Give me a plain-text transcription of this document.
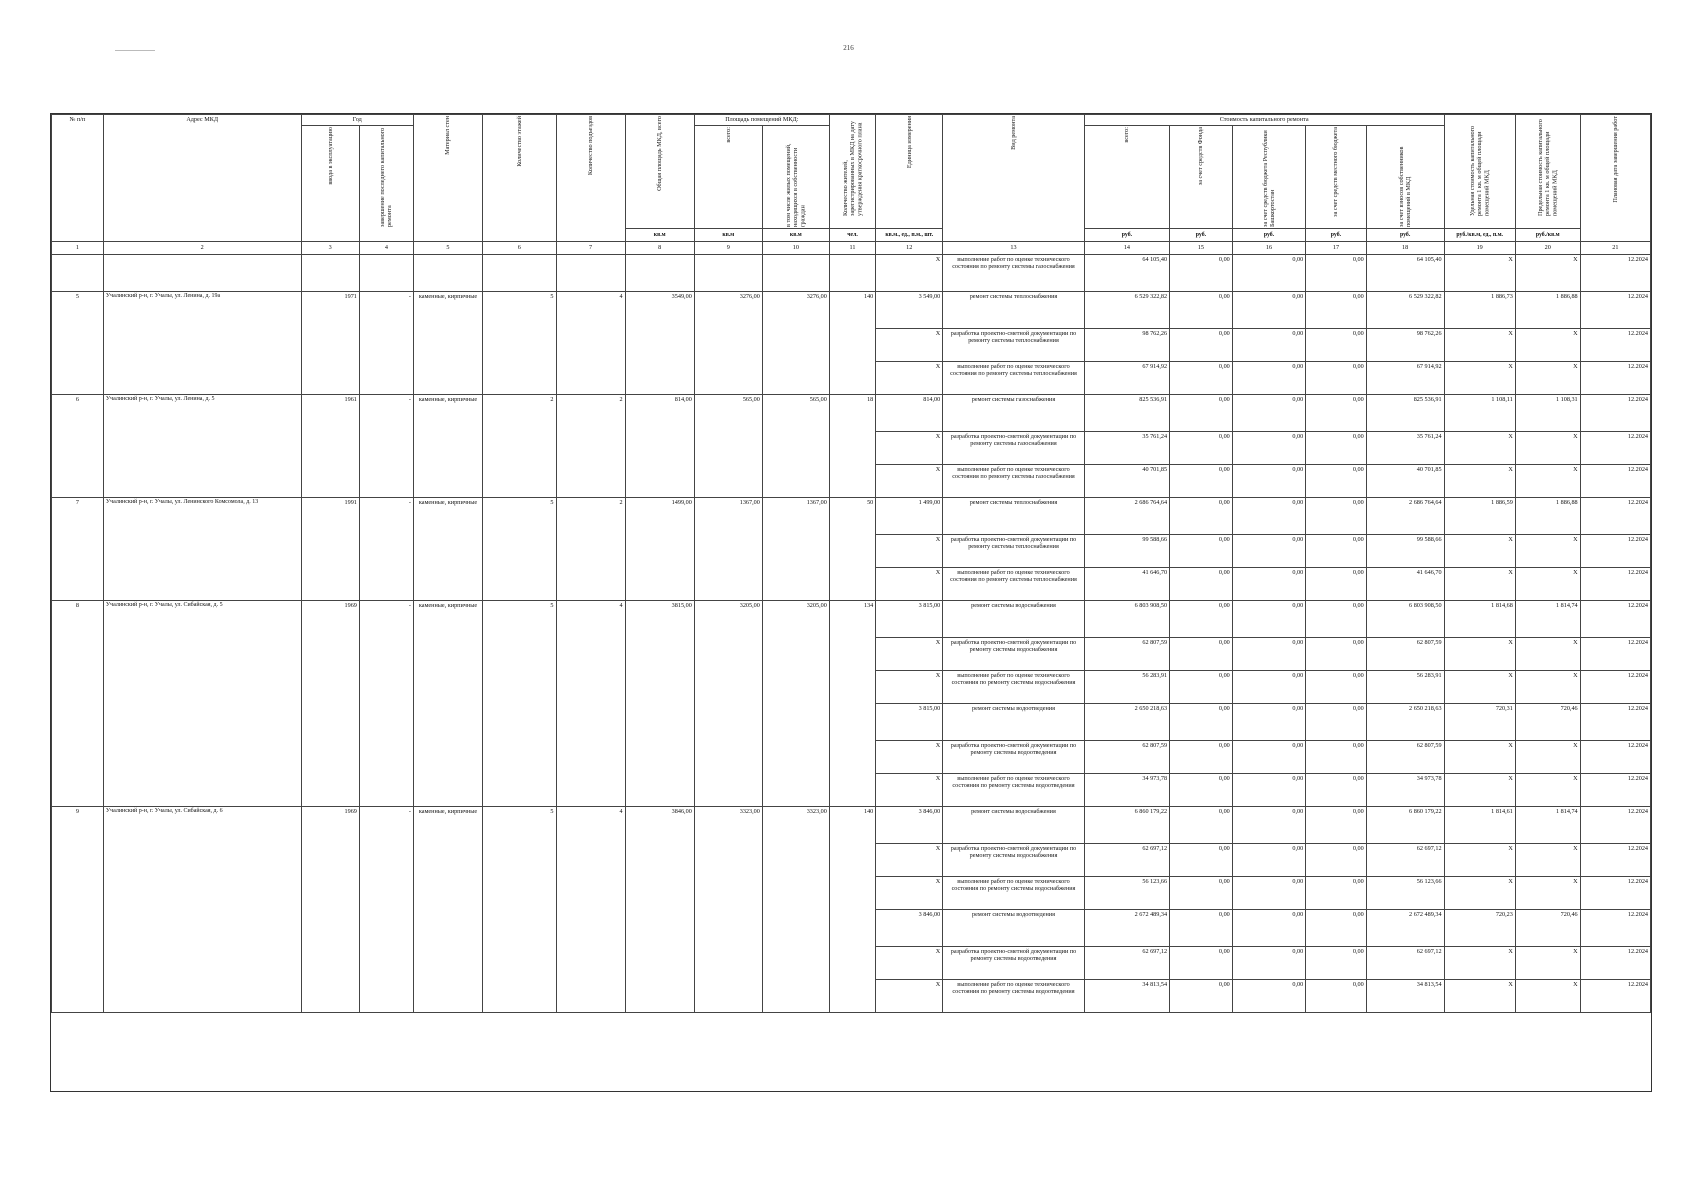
216
№ п/п	Адрес МКД	Год		Материал стен	Количество этажей	Количество подъездов	Общая площадь МКД, всего	Площадь помещений МКД:		Количество жителей, зарегистрированных в МКД на дату утверждения краткосрочного плана	Единица измерения	Вид ремонта	Стоимость капитального ремонта					Удельная стоимость капитального ремонта 1 кв. м общей площади помещений МКД	Предельная стоимость капитального ремонта 1 кв. м общей площади помещений МКД	Плановая дата завершения работ

		ввода в эксплуатацию	завершение последнего капитального ремонта					всего:	в том числе жилых помещений, находящихся в собственности граждан				всего:	за счет средств Фонда	за счет средств бюджета Республики Башкортостан	за счет средств местного бюджета	за счет взносов собственников помещений в МКД			

							кв.м	кв.м	кв.м	чел.	кв.м., ед., п.м., шт.		руб.	руб.	руб.	руб.	руб.	руб./кв.м, ед., п.м.	руб./кв.м	
1	2	3	4	5	6	7	8	9	10	11	12	13	14	15	16	17	18	19	20	21
											X	выполнение работ по оценке технического состояния по ремонту системы газоснабжения	64 105,40	0,00	0,00	0,00	64 105,40	X	X	12.2024
5	Учалинский р-н, г. Учалы, ул. Ленина, д. 19а	1971	-	каменные, кирпичные	5	4	3549,00	3276,00	3276,00	140	3 549,00	ремонт системы теплоснабжения	6 529 322,82	0,00	0,00	0,00	6 529 322,82	1 886,73	1 886,88	12.2024
											X	разработка проектно-сметной документации по ремонту системы теплоснабжения	98 762,26	0,00	0,00	0,00	98 762,26	X	X	12.2024
											X	выполнение работ по оценке технического состояния по ремонту системы теплоснабжения	67 914,92	0,00	0,00	0,00	67 914,92	X	X	12.2024
6	Учалинский р-н, г. Учалы, ул. Ленина, д. 5	1961	-	каменные, кирпичные	2	2	814,00	565,00	565,00	18	814,00	ремонт системы газоснабжения	825 536,91	0,00	0,00	0,00	825 536,91	1 108,11	1 108,31	12.2024
											X	разработка проектно-сметной документации по ремонту системы газоснабжения	35 761,24	0,00	0,00	0,00	35 761,24	X	X	12.2024
											X	выполнение работ по оценке технического состояния по ремонту системы газоснабжения	40 701,85	0,00	0,00	0,00	40 701,85	X	X	12.2024
7	Учалинский р-н, г. Учалы, ул. Ленинского Комсомола, д. 13	1991	-	каменные, кирпичные	5	2	1499,00	1367,00	1367,00	50	1 499,00	ремонт системы теплоснабжения	2 686 764,64	0,00	0,00	0,00	2 686 764,64	1 886,59	1 886,88	12.2024
											X	разработка проектно-сметной документации по ремонту системы теплоснабжения	99 588,66	0,00	0,00	0,00	99 588,66	X	X	12.2024
											X	выполнение работ по оценке технического состояния по ремонту системы теплоснабжения	41 646,70	0,00	0,00	0,00	41 646,70	X	X	12.2024
8	Учалинский р-н, г. Учалы, ул. Сибайская, д. 5	1969	-	каменные, кирпичные	5	4	3815,00	3205,00	3205,00	134	3 815,00	ремонт системы водоснабжения	6 803 908,50	0,00	0,00	0,00	6 803 908,50	1 814,68	1 814,74	12.2024
											X	разработка проектно-сметной документации по ремонту системы водоснабжения	62 807,59	0,00	0,00	0,00	62 807,59	X	X	12.2024
											X	выполнение работ по оценке технического состояния по ремонту системы водоснабжения	56 283,91	0,00	0,00	0,00	56 283,91	X	X	12.2024
											3 815,00	ремонт системы водоотведения	2 650 218,63	0,00	0,00	0,00	2 650 218,63	720,31	720,46	12.2024
											X	разработка проектно-сметной документации по ремонту системы водоотведения	62 807,59	0,00	0,00	0,00	62 807,59	X	X	12.2024
											X	выполнение работ по оценке технического состояния по ремонту системы водоотведения	34 973,78	0,00	0,00	0,00	34 973,78	X	X	12.2024
9	Учалинский р-н, г. Учалы, ул. Сибайская, д. 6	1969	-	каменные, кирпичные	5	4	3846,00	3323,00	3323,00	140	3 846,00	ремонт системы водоснабжения	6 860 179,22	0,00	0,00	0,00	6 860 179,22	1 814,61	1 814,74	12.2024
											X	разработка проектно-сметной документации по ремонту системы водоснабжения	62 697,12	0,00	0,00	0,00	62 697,12	X	X	12.2024
											X	выполнение работ по оценке технического состояния по ремонту системы водоснабжения	56 123,66	0,00	0,00	0,00	56 123,66	X	X	12.2024
											3 846,00	ремонт системы водоотведения	2 672 489,34	0,00	0,00	0,00	2 672 489,34	720,23	720,46	12.2024
											X	разработка проектно-сметной документации по ремонту системы водоотведения	62 697,12	0,00	0,00	0,00	62 697,12	X	X	12.2024
											X	выполнение работ по оценке технического состояния по ремонту системы водоотведения	34 813,54	0,00	0,00	0,00	34 813,54	X	X	12.2024
